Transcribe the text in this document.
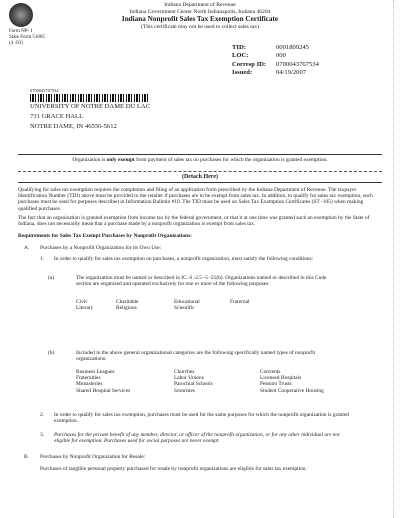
Indiana Department of Revenue
Indiana Government Center North Indianapolis, Indiana 46204
Indiana Nonprofit Sales Tax Exemption Certificate
(This certificate may not be used to collect sales tax)
Form NP- 1
State Form 51065
(4 -03)
TID:	0001809245
LOC:	000
Corresp ID: 0700043767534
Issued:	04/19/2007
0700043767534
UNIVERSITY OF NOTRE DAME DU LAC
731 GRACE HALL
NOTRE DAME, IN 46556-5612
Organization is only exempt from payment of sales tax on purchases for which the organization is granted exemption.
(Detach Here)
Qualifying for sales tax exemption requires the completion and filing of an application form prescribed by the Indiana Department of Revenue. The taxpayer Identification Number (TID) above must be provided to the retailer if purchases are to be exempt from sales tax. In addition, to qualify for sales tax exemption, such purchases must be used for purposes described in Information Bulletin #10. The TID must be used on Sales Tax Exemption Certificates (ST -105) when making qualified purchases.
The fact that an organization is granted exemption from income tax by the federal government, or that it at one time was granted such an exemption by the State of Indiana, does not necessarily mean that a purchase made by a nonprofit organization is exempt from sales tax.
Requirements for Sales Tax Exempt Purchases by Nonprofit Organizations:
A. Purchases by a Nonprofit Organization for its Own Use:
1. In order to qualify for sales tax exemption on purchases, a nonprofit organization, must satisfy the following conditions:
(a)	The organization must be named or described in IC. 6 -2.5 -5 -21(b). Organizations named or described in this Code section are organized and operated exclusively for one or more of the following purposes:
Civic	Charitable	Educational	Fraternal
Literary	Religious	Scientific
(b)	Included in the above general organizational categories are the following specifically named types of nonprofit organizations:
Business Leagues	Churches	Convents
Fraternities	Labor Unions	Licensed Hospitals
Monasteries	Parochial Schools	Pension Trusts
Shared Hospital Services	Sororities	Student Cooperative Housing
2. In order to qualify for sales tax exemption, purchases must be used for the same purposes for which the nonprofit organization is granted exemption.
3. Purchases for the private benefit of any member, director, or officer of the nonprofit organization, or for any other individual are not eligible for exemption. Purchases used for social purposes are never exempt.
B. Purchases by Nonprofit Organization for Resale:
Purchases of tangible personal property purchased for resale by nonprofit organizations are eligible for sales tax exemption.
